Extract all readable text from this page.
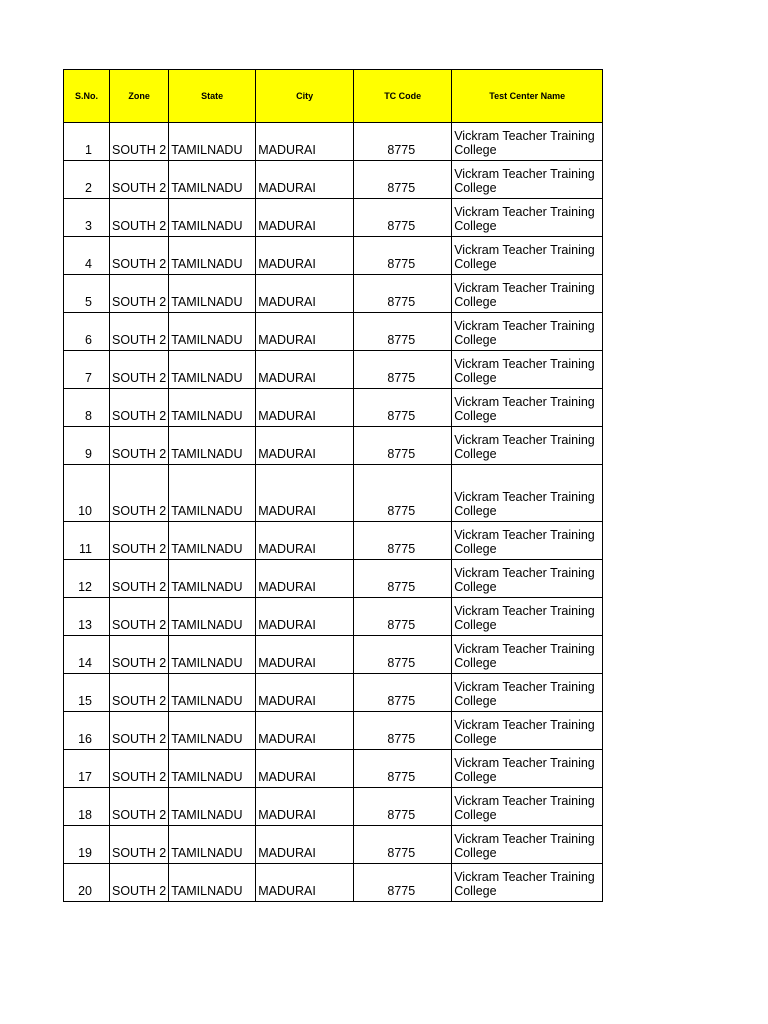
S.No.	Zone	State	City	TC Code	Test Center Name
1	SOUTH 2	TAMILNADU	MADURAI	8775	Vickram Teacher Training College
2	SOUTH 2	TAMILNADU	MADURAI	8775	Vickram Teacher Training College
3	SOUTH 2	TAMILNADU	MADURAI	8775	Vickram Teacher Training College
4	SOUTH 2	TAMILNADU	MADURAI	8775	Vickram Teacher Training College
5	SOUTH 2	TAMILNADU	MADURAI	8775	Vickram Teacher Training College
6	SOUTH 2	TAMILNADU	MADURAI	8775	Vickram Teacher Training College
7	SOUTH 2	TAMILNADU	MADURAI	8775	Vickram Teacher Training College
8	SOUTH 2	TAMILNADU	MADURAI	8775	Vickram Teacher Training College
9	SOUTH 2	TAMILNADU	MADURAI	8775	Vickram Teacher Training College
10	SOUTH 2	TAMILNADU	MADURAI	8775	Vickram Teacher Training College
11	SOUTH 2	TAMILNADU	MADURAI	8775	Vickram Teacher Training College
12	SOUTH 2	TAMILNADU	MADURAI	8775	Vickram Teacher Training College
13	SOUTH 2	TAMILNADU	MADURAI	8775	Vickram Teacher Training College
14	SOUTH 2	TAMILNADU	MADURAI	8775	Vickram Teacher Training College
15	SOUTH 2	TAMILNADU	MADURAI	8775	Vickram Teacher Training College
16	SOUTH 2	TAMILNADU	MADURAI	8775	Vickram Teacher Training College
17	SOUTH 2	TAMILNADU	MADURAI	8775	Vickram Teacher Training College
18	SOUTH 2	TAMILNADU	MADURAI	8775	Vickram Teacher Training College
19	SOUTH 2	TAMILNADU	MADURAI	8775	Vickram Teacher Training College
20	SOUTH 2	TAMILNADU	MADURAI	8775	Vickram Teacher Training College
